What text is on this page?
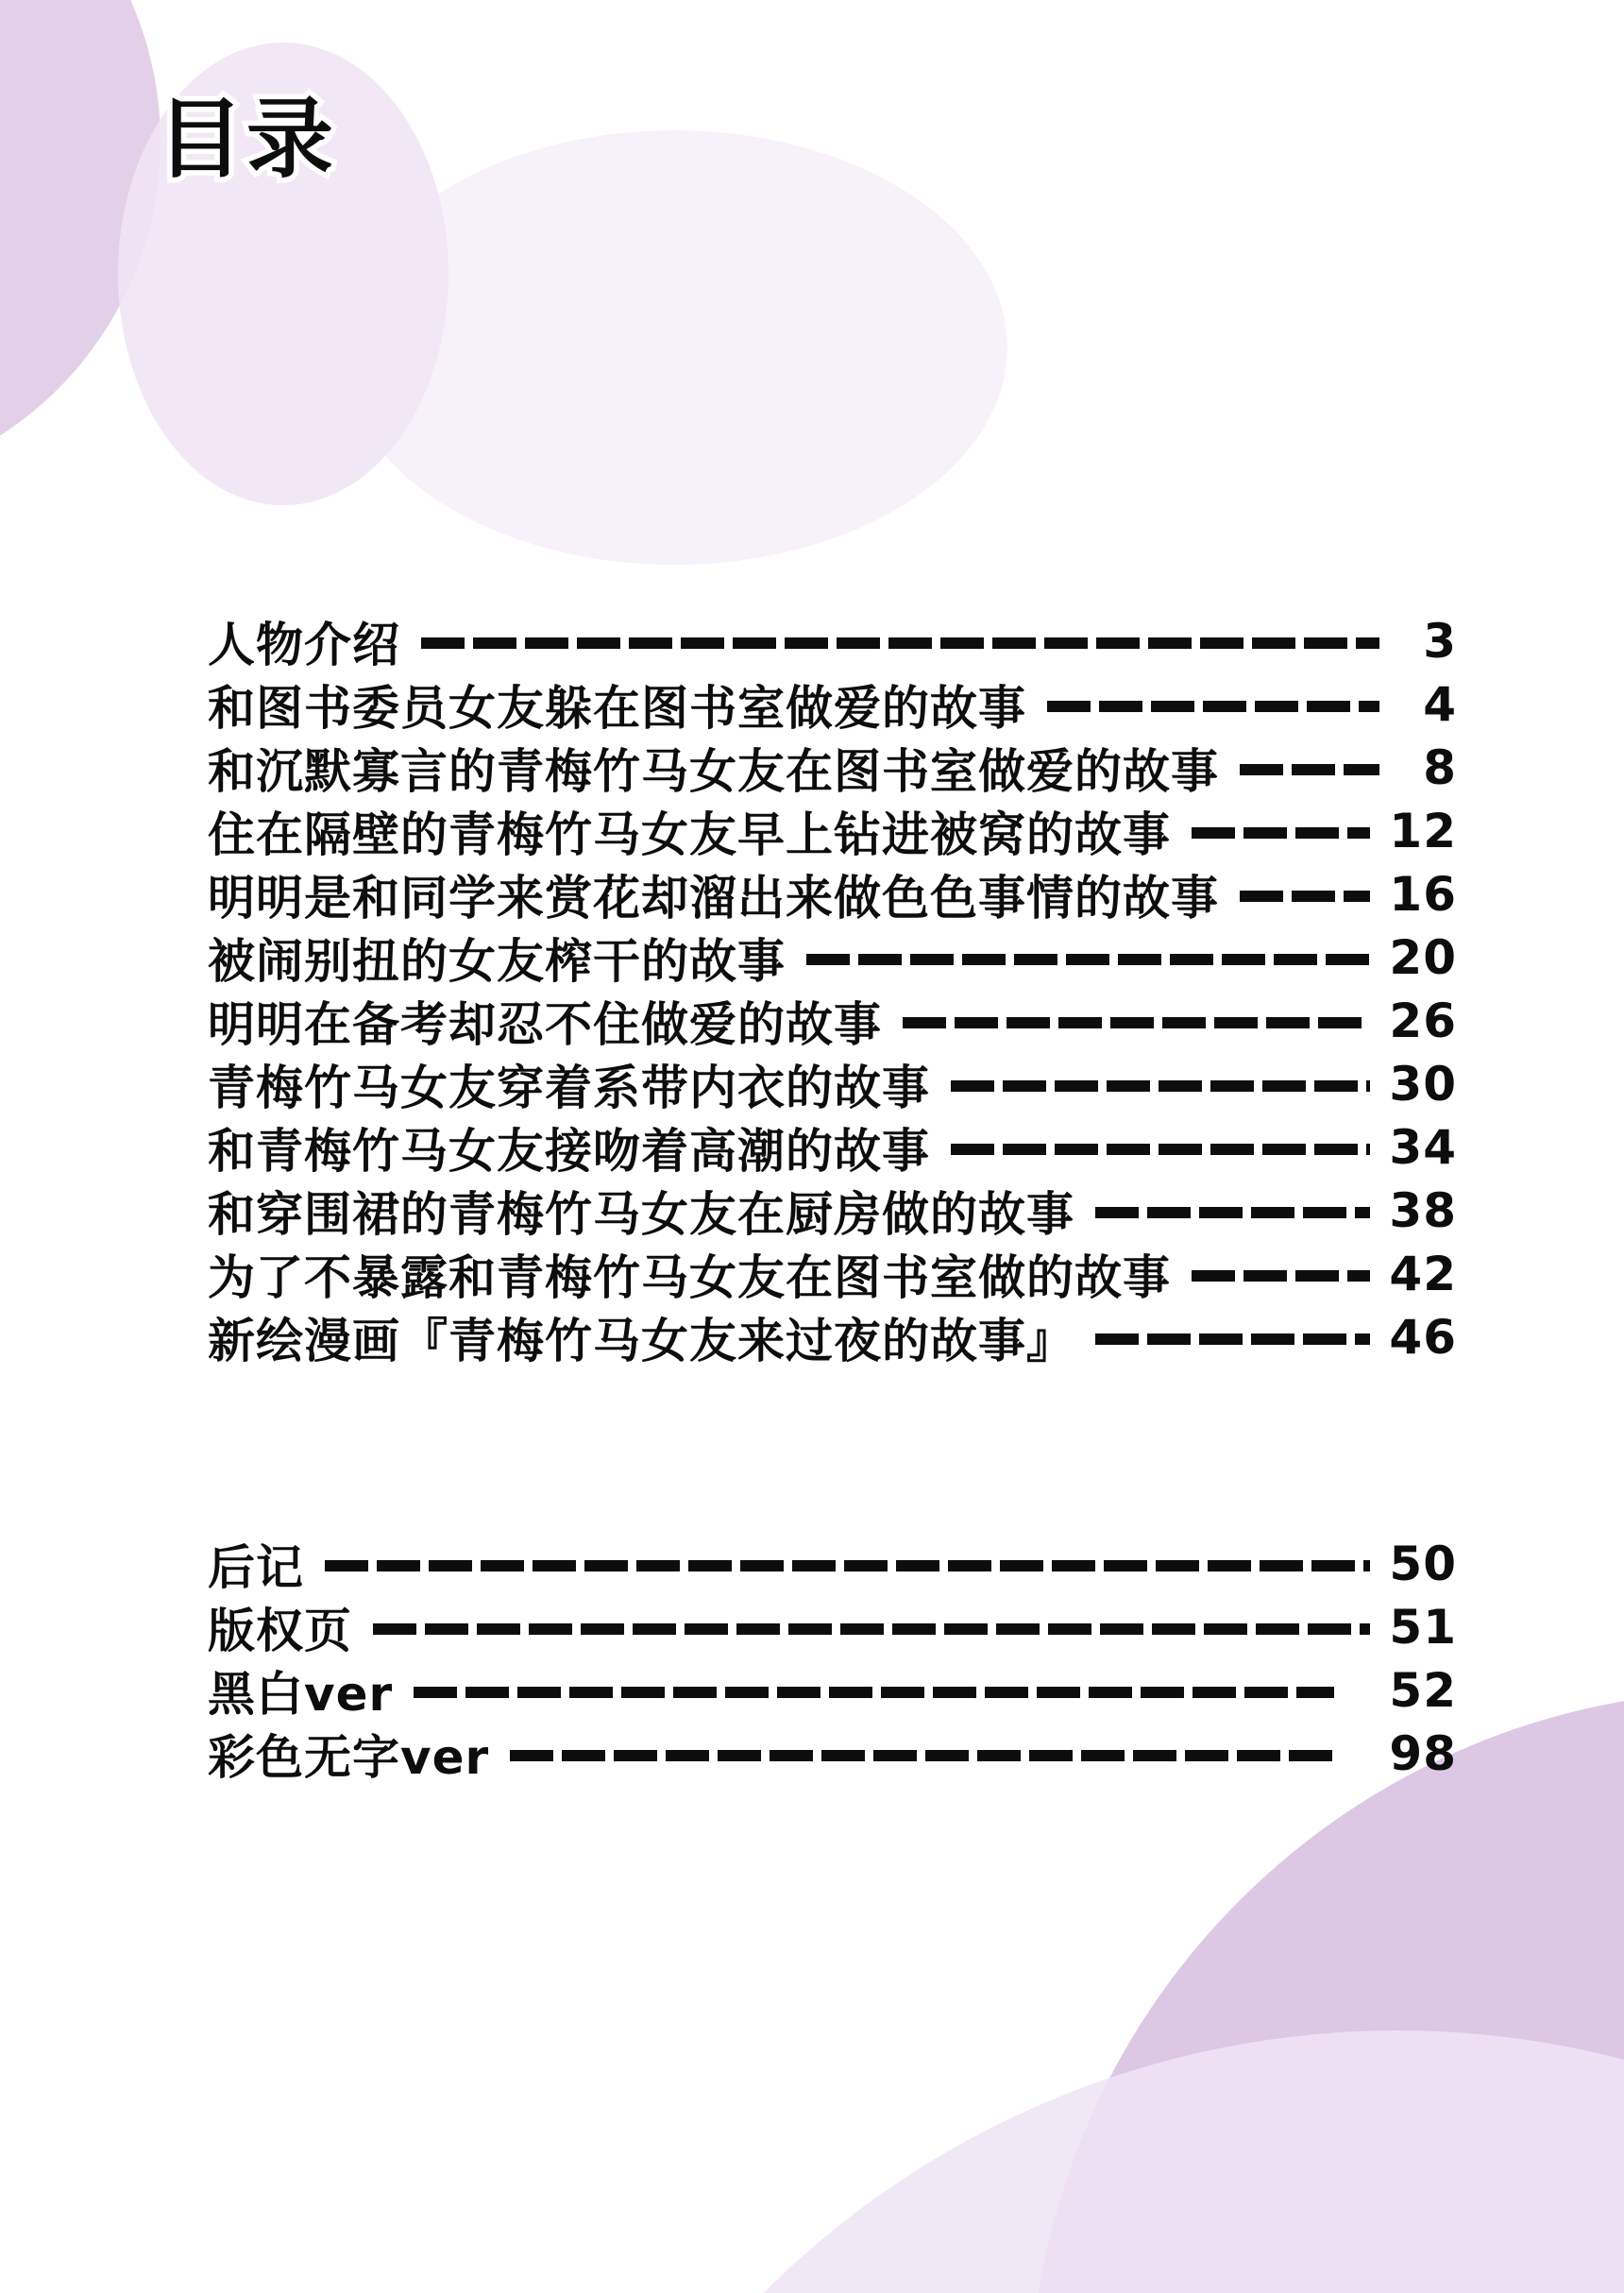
目录
人物介绍	3
和图书委员女友躲在图书室做爱的故事	4
和沉默寡言的青梅竹马女友在图书室做爱的故事	8
住在隔壁的青梅竹马女友早上钻进被窝的故事	12
明明是和同学来赏花却溜出来做色色事情的故事	16
被闹别扭的女友榨干的故事	20
明明在备考却忍不住做爱的故事	26
青梅竹马女友穿着系带内衣的故事	30
和青梅竹马女友接吻着高潮的故事	34
和穿围裙的青梅竹马女友在厨房做的故事	38
为了不暴露和青梅竹马女友在图书室做的故事	42
新绘漫画『青梅竹马女友来过夜的故事』	46
后记	50
版权页	51
黑白ver	52
彩色无字ver	98
